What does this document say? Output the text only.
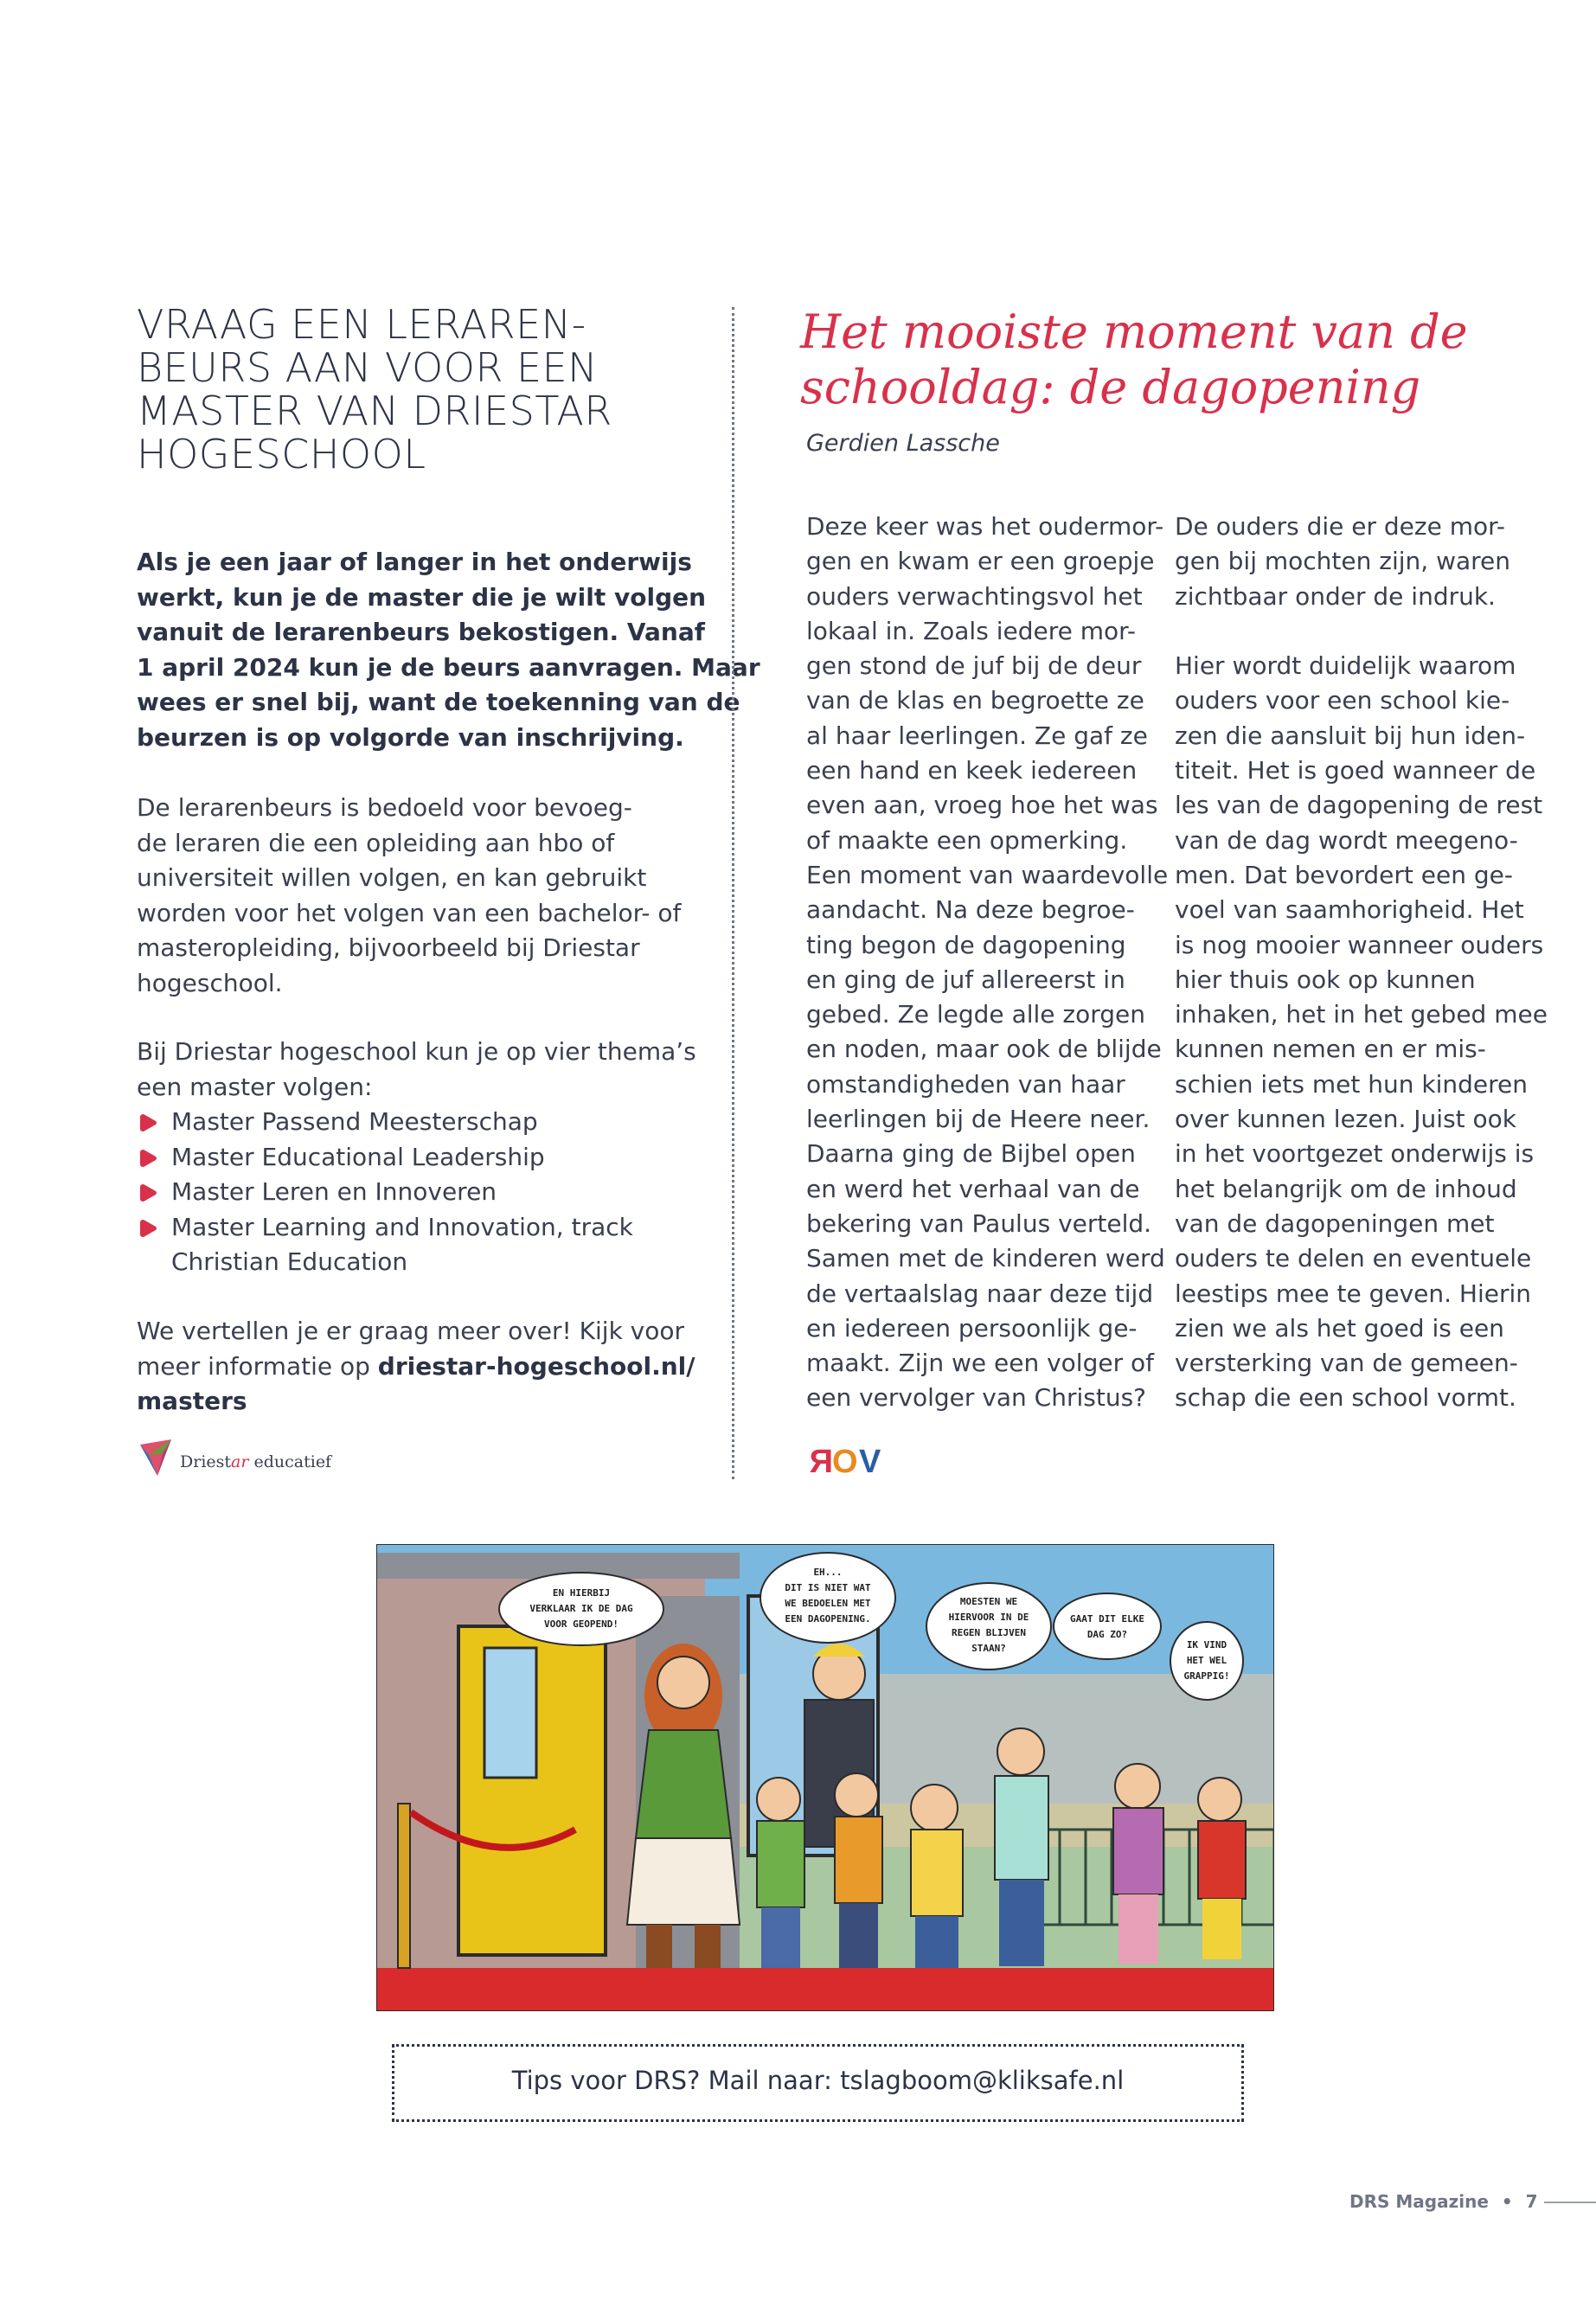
VRAAG EEN LERAREN-
BEURS AAN VOOR EEN
MASTER VAN DRIESTAR
HOGESCHOOL
Als je een jaar of langer in het onderwijs
werkt, kun je de master die je wilt volgen
vanuit de lerarenbeurs bekostigen. Vanaf
1 april 2024 kun je de beurs aanvragen. Maar
wees er snel bij, want de toekenning van de
beurzen is op volgorde van inschrijving.
De lerarenbeurs is bedoeld voor bevoeg-
de leraren die een opleiding aan hbo of
universiteit willen volgen, en kan gebruikt
worden voor het volgen van een bachelor- of
masteropleiding, bijvoorbeeld bij Driestar
hogeschool.
Bij Driestar hogeschool kun je op vier thema’s
een master volgen:
Master Passend Meesterschap
Master Educational Leadership
Master Leren en Innoveren
Master Learning and Innovation, track
Christian Education
We vertellen je er graag meer over! Kijk voor
meer informatie op driestar-hogeschool.nl/
masters
Driestar educatief
Het mooiste moment van de
schooldag: de dagopening
Gerdien Lassche
Deze keer was het oudermor-
gen en kwam er een groepje
ouders verwachtingsvol het
lokaal in. Zoals iedere mor-
gen stond de juf bij de deur
van de klas en begroette ze
al haar leerlingen. Ze gaf ze
een hand en keek iedereen
even aan, vroeg hoe het was
of maakte een opmerking.
Een moment van waardevolle
aandacht. Na deze begroe-
ting begon de dagopening
en ging de juf allereerst in
gebed. Ze legde alle zorgen
en noden, maar ook de blijde
omstandigheden van haar
leerlingen bij de Heere neer.
Daarna ging de Bijbel open
en werd het verhaal van de
bekering van Paulus verteld.
Samen met de kinderen werd
de vertaalslag naar deze tijd
en iedereen persoonlijk ge-
maakt. Zijn we een volger of
een vervolger van Christus?
De ouders die er deze mor-
gen bij mochten zijn, waren
zichtbaar onder de indruk.
Hier wordt duidelijk waarom
ouders voor een school kie-
zen die aansluit bij hun iden-
titeit. Het is goed wanneer de
les van de dagopening de rest
van de dag wordt meegeno-
men. Dat bevordert een ge-
voel van saamhorigheid. Het
is nog mooier wanneer ouders
hier thuis ook op kunnen
inhaken, het in het gebed mee
kunnen nemen en er mis-
schien iets met hun kinderen
over kunnen lezen. Juist ook
in het voortgezet onderwijs is
het belangrijk om de inhoud
van de dagopeningen met
ouders te delen en eventuele
leestips mee te geven. Hierin
zien we als het goed is een
versterking van de gemeen-
schap die een school vormt.
R O V
EN HIERBIJ
VERKLAAR IK DE DAG
VOOR GEOPEND!
EH...
DIT IS NIET WAT
WE BEDOELEN MET
EEN DAGOPENING.
MOESTEN WE
HIERVOOR IN DE
REGEN BLIJVEN
STAAN?
GAAT DIT ELKE
DAG ZO?
IK VIND
HET WEL
GRAPPIG!
Tips voor DRS? Mail naar: tslagboom@kliksafe.nl
DRS Magazine • 7
